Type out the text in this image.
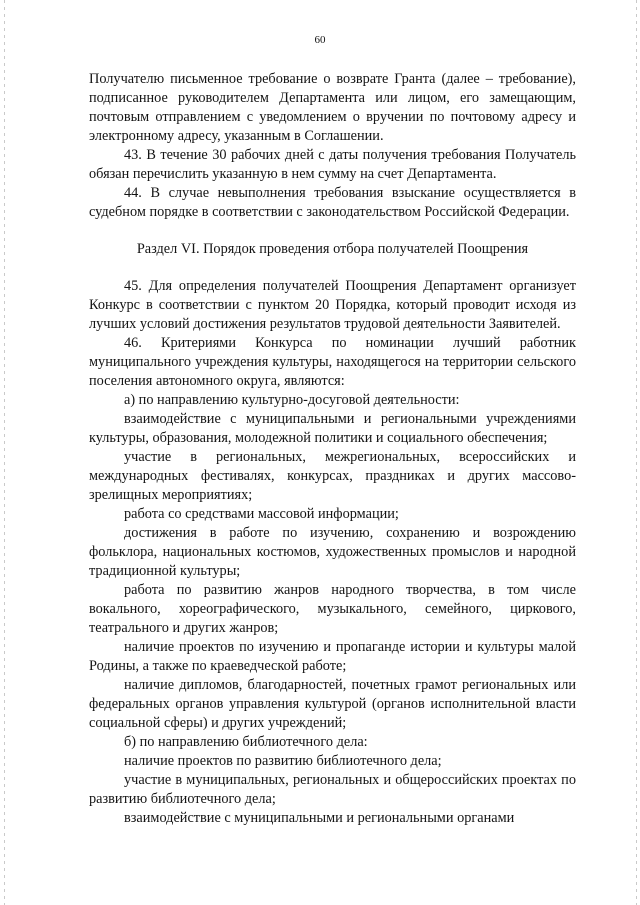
60

Получателю письменное требование о возврате Гранта (далее – требование), подписанное руководителем Департамента или лицом, его замещающим, почтовым отправлением с уведомлением о вручении по почтовому адресу и электронному адресу, указанным в Соглашении.

43. В течение 30 рабочих дней с даты получения требования Получатель обязан перечислить указанную в нем сумму на счет Департамента.

44. В случае невыполнения требования взыскание осуществляется в судебном порядке в соответствии с законодательством Российской Федерации.

Раздел VI. Порядок проведения отбора получателей Поощрения

45. Для определения получателей Поощрения Департамент организует Конкурс в соответствии с пунктом 20 Порядка, который проводит исходя из лучших условий достижения результатов трудовой деятельности Заявителей.

46. Критериями Конкурса по номинации лучший работник муниципального учреждения культуры, находящегося на территории сельского поселения автономного округа, являются:

а) по направлению культурно-досуговой деятельности:

взаимодействие с муниципальными и региональными учреждениями культуры, образования, молодежной политики и социального обеспечения;

участие в региональных, межрегиональных, всероссийских и международных фестивалях, конкурсах, праздниках и других массово-зрелищных мероприятиях;

работа со средствами массовой информации;

достижения в работе по изучению, сохранению и возрождению фольклора, национальных костюмов, художественных промыслов и народной традиционной культуры;

работа по развитию жанров народного творчества, в том числе вокального, хореографического, музыкального, семейного, циркового, театрального и других жанров;

наличие проектов по изучению и пропаганде истории и культуры малой Родины, а также по краеведческой работе;

наличие дипломов, благодарностей, почетных грамот региональных или федеральных органов управления культурой (органов исполнительной власти социальной сферы) и других учреждений;

б) по направлению библиотечного дела:

наличие проектов по развитию библиотечного дела;

участие в муниципальных, региональных и общероссийских проектах по развитию библиотечного дела;

взаимодействие с муниципальными и региональными органами
